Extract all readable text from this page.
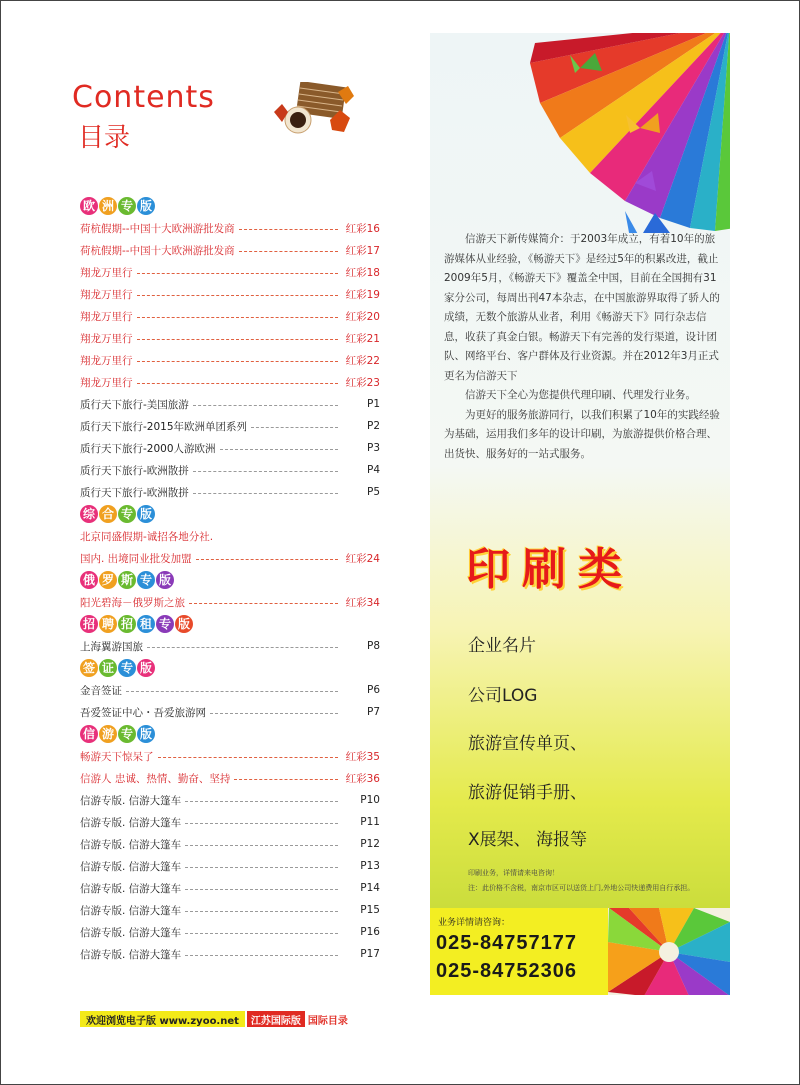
Contents
目录
欧 洲 专 版
荷杭假期--中国十大欧洲游批发商	红彩16
荷杭假期--中国十大欧洲游批发商	红彩17
翔龙万里行	红彩18
翔龙万里行	红彩19
翔龙万里行	红彩20
翔龙万里行	红彩21
翔龙万里行	红彩22
翔龙万里行	红彩23
质行天下旅行-美国旅游	P1
质行天下旅行-2015年欧洲单团系列	P2
质行天下旅行-2000人游欧洲	P3
质行天下旅行-欧洲散拼	P4
质行天下旅行-欧洲散拼	P5
综 合 专 版
北京同盛假期-诚招各地分社.
国内. 出境同业批发加盟	红彩24
俄 罗 斯 专 版
阳光碧海－俄罗斯之旅	红彩34
招 聘 招 租 专 版
上海翼游国旅	P8
签 证 专 版
金音签证	P6
吾爱签证中心・吾爱旅游网	P7
信 游 专 版
畅游天下惊呆了	红彩35
信游人 忠诚、热情、勤奋、坚持	红彩36
信游专版. 信游大篷车	P10
信游专版. 信游大篷车	P11
信游专版. 信游大篷车	P12
信游专版. 信游大篷车	P13
信游专版. 信游大篷车	P14
信游专版. 信游大篷车	P15
信游专版. 信游大篷车	P16
信游专版. 信游大篷车	P17
欢迎浏览电子版 www.zyoo.net	江苏国际版 国际目录

信游天下新传媒简介：于2003年成立，有着10年的旅游媒体从业经验，《畅游天下》是经过5年的积累改进，截止2009年5月，《畅游天下》覆盖全中国，目前在全国拥有31家分公司，每周出刊47本杂志，在中国旅游界取得了骄人的成绩，无数个旅游从业者，利用《畅游天下》同行杂志信息，收获了真金白银。畅游天下有完善的发行渠道，设计团队、网络平台、客户群体及行业资源。并在2012年3月正式更名为信游天下

信游天下全心为您提供代理印刷、代理发行业务。

为更好的服务旅游同行，以我们积累了10年的实践经验为基础，运用我们多年的设计印刷，为旅游提供价格合理、出货快、服务好的一站式服务。

印刷类
企业名片
公司LOG
旅游宣传单页、
旅游促销手册、
X展架、 海报等
印刷业务，详情请来电咨询！
注：此价格不含税，南京市区可以送货上门,外地公司快递费用自行承担。
业务详情请咨询：
025-84757177
025-84752306
